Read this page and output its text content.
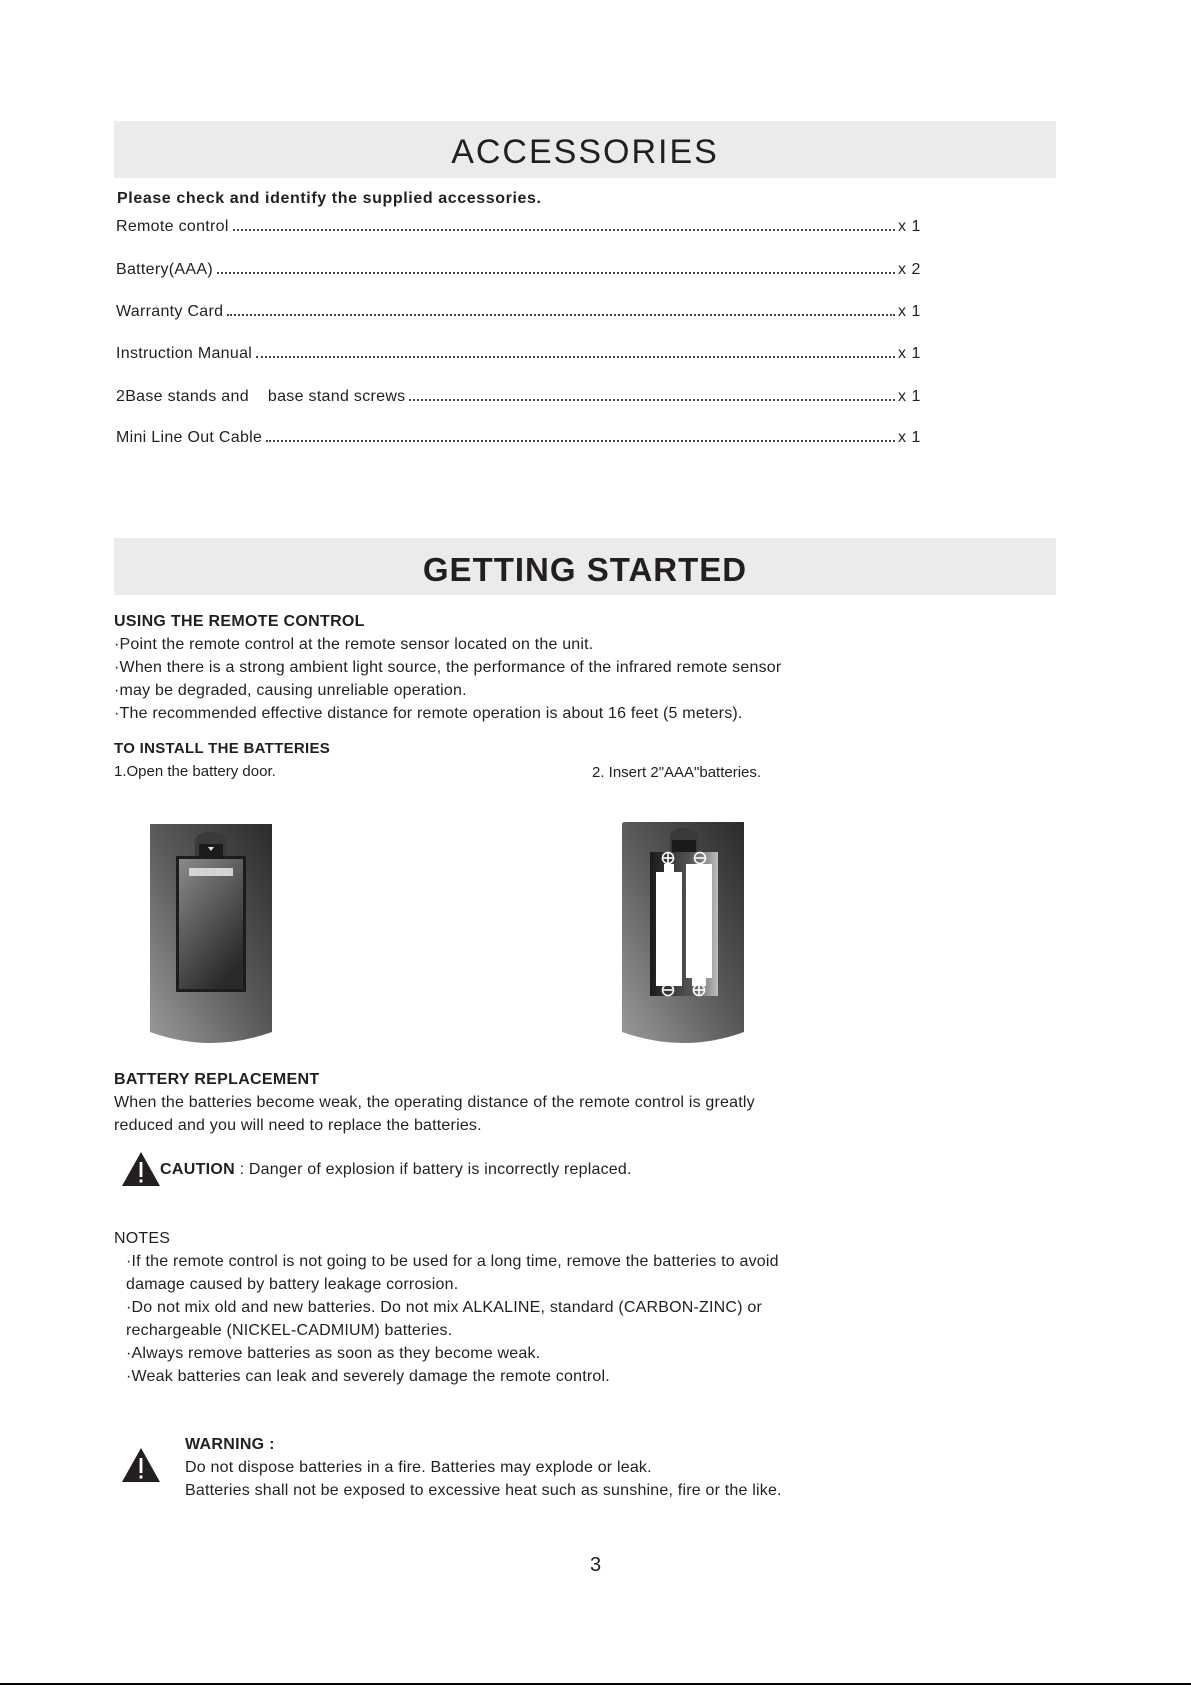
ACCESSORIES
Please check and identify the supplied accessories.
Remote control	x 1
Battery(AAA)	x 2
Warranty Card	x 1
Instruction Manual	x 1
2Base stands and    base stand screws	x 1
Mini Line Out Cable	x 1
GETTING STARTED
USING THE REMOTE CONTROL
·Point the remote control at the remote sensor located on the unit.
·When there is a strong ambient light source, the performance of the infrared remote sensor
·may be degraded, causing unreliable operation.
·The recommended effective distance for remote operation is about 16 feet (5 meters).
TO INSTALL THE BATTERIES
1.Open the battery door.	2. Insert 2"AAA"batteries.
BATTERY REPLACEMENT
When the batteries become weak, the operating distance of the remote control is greatly
reduced and you will need to replace the batteries.
CAUTION : Danger of explosion if battery is incorrectly replaced.
NOTES
·If the remote control is not going to be used for a long time, remove the batteries to avoid
damage caused by battery leakage corrosion.
·Do not mix old and new batteries. Do not mix ALKALINE, standard (CARBON-ZINC) or
rechargeable (NICKEL-CADMIUM) batteries.
·Always remove batteries as soon as they become weak.
·Weak batteries can leak and severely damage the remote control.
WARNING :
Do not dispose batteries in a fire. Batteries may explode or leak.
Batteries shall not be exposed to excessive heat such as sunshine, fire or the like.
3
